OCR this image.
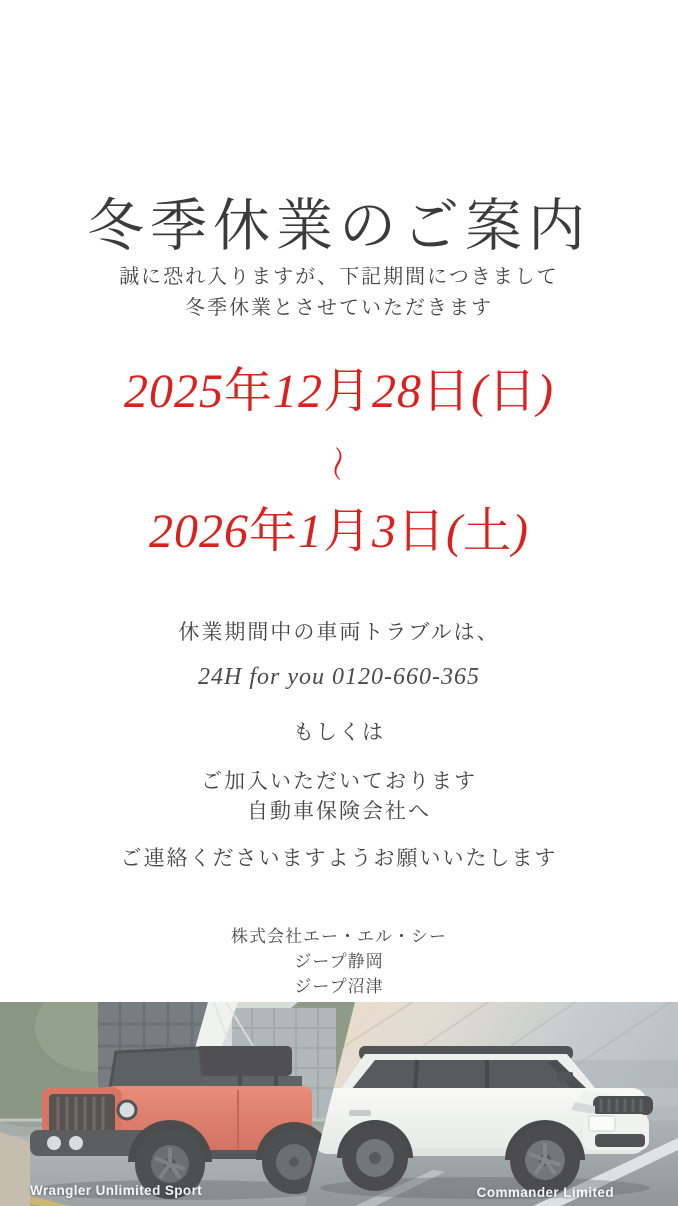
冬季休業のご案内
誠に恐れ入りますが、下記期間につきまして
冬季休業とさせていただきます
2025年12月28日(日)
〜
2026年1月3日(土)
休業期間中の車両トラブルは、
24H for you 0120-660-365
もしくは
ご加入いただいております
自動車保険会社へ
ご連絡くださいますようお願いいたします
株式会社エー・エル・シー
ジープ静岡
ジープ沼津
Wrangler Unlimited Sport	Commander Limited
